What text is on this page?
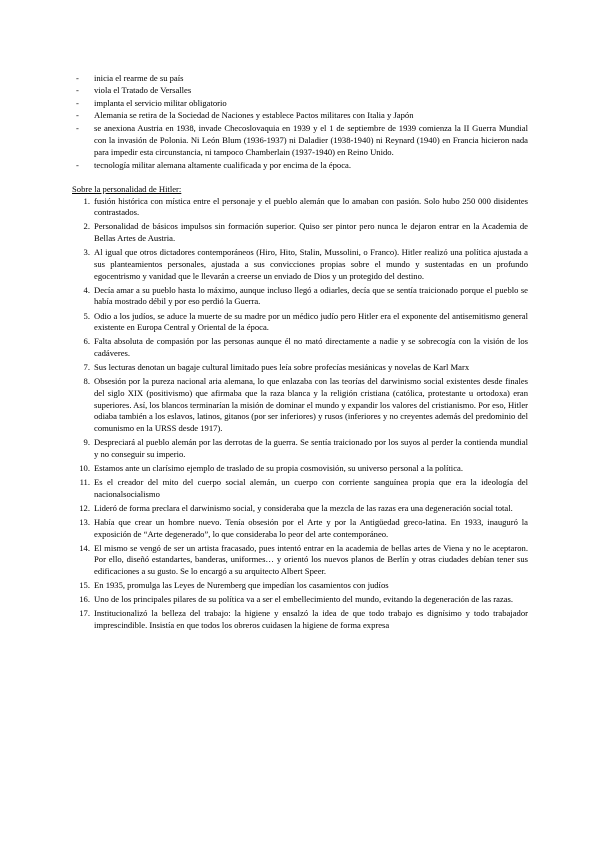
- inicia el rearme de su país
- viola el Tratado de Versalles
- implanta el servicio militar obligatorio
- Alemania se retira de la Sociedad de Naciones y establece Pactos militares con Italia y Japón
- se anexiona Austria en 1938, invade Checoslovaquia en 1939 y el 1 de septiembre de 1939 comienza la II Guerra Mundial con la invasión de Polonia. Ni León Blum (1936-1937) ni Daladier (1938-1940) ni Reynard (1940) en Francia hicieron nada para impedir esta circunstancia, ni tampoco Chamberlain (1937-1940) en Reino Unido.
- tecnología militar alemana altamente cualificada y por encima de la época.
Sobre la personalidad de Hitler:
1. fusión histórica con mística entre el personaje y el pueblo alemán que lo amaban con pasión. Solo hubo 250 000 disidentes contrastados.
2. Personalidad de básicos impulsos sin formación superior. Quiso ser pintor pero nunca le dejaron entrar en la Academia de Bellas Artes de Austria.
3. Al igual que otros dictadores contemporáneos (Hiro, Hito, Stalin, Mussolini, o Franco). Hitler realizó una política ajustada a sus planteamientos personales, ajustada a sus convicciones propias sobre el mundo y sustentadas en un profundo egocentrismo y vanidad que le llevarán a creerse un enviado de Dios y un protegido del destino.
4. Decía amar a su pueblo hasta lo máximo, aunque incluso llegó a odiarles, decía que se sentía traicionado porque el pueblo se había mostrado débil y por eso perdió la Guerra.
5. Odio a los judíos, se aduce la muerte de su madre por un médico judío pero Hitler era el exponente del antisemitismo general existente en Europa Central y Oriental de la época.
6. Falta absoluta de compasión por las personas aunque él no mató directamente a nadie y se sobrecogía con la visión de los cadáveres.
7. Sus lecturas denotan un bagaje cultural limitado pues leía sobre profecías mesiánicas y novelas de Karl Marx
8. Obsesión por la pureza nacional aria alemana, lo que enlazaba con las teorías del darwinismo social existentes desde finales del siglo XIX (positivismo) que afirmaba que la raza blanca y la religión cristiana (católica, protestante u ortodoxa) eran superiores. Así, los blancos terminarían la misión de dominar el mundo y expandir los valores del cristianismo. Por eso, Hitler odiaba también a los eslavos, latinos, gitanos (por ser inferiores) y rusos (inferiores y no creyentes además del predominio del comunismo en la URSS desde 1917).
9. Despreciará al pueblo alemán por las derrotas de la guerra. Se sentía traicionado por los suyos al perder la contienda mundial y no conseguir su imperio.
10. Estamos ante un clarísimo ejemplo de traslado de su propia cosmovisión, su universo personal a la política.
11. Es el creador del mito del cuerpo social alemán, un cuerpo con corriente sanguínea propia que era la ideología del nacionalsocialismo
12. Lideró de forma preclara el darwinismo social, y consideraba que la mezcla de las razas era una degeneración social total.
13. Había que crear un hombre nuevo. Tenía obsesión por el Arte y por la Antigüedad greco-latina. En 1933, inauguró la exposición de “Arte degenerado”, lo que consideraba lo peor del arte contemporáneo.
14. El mismo se vengó de ser un artista fracasado, pues intentó entrar en la academia de bellas artes de Viena y no le aceptaron. Por ello, diseñó estandartes, banderas, uniformes… y orientó los nuevos planos de Berlín y otras ciudades debían tener sus edificaciones a su gusto. Se lo encargó a su arquitecto Albert Speer.
15. En 1935, promulga las Leyes de Nuremberg que impedían los casamientos con judíos
16. Uno de los principales pilares de su política va a ser el embellecimiento del mundo, evitando la degeneración de las razas.
17. Institucionalizó la belleza del trabajo: la higiene y ensalzó la idea de que todo trabajo es dignísimo y todo trabajador imprescindible. Insistía en que todos los obreros cuidasen la higiene de forma expresa
